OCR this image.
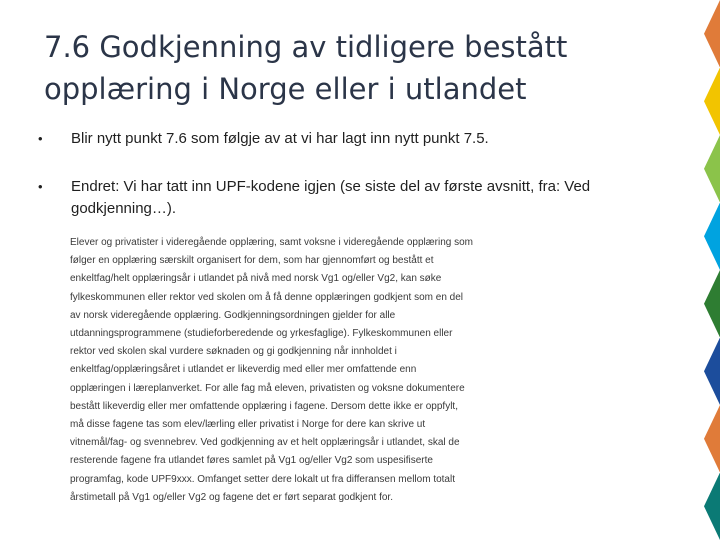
7.6 Godkjenning av tidligere bestått
opplæring i Norge eller i utlandet
• Blir nytt punkt 7.6 som følgje av at vi har lagt inn nytt punkt 7.5.
• Endret: Vi har tatt inn UPF-kodene igjen (se siste del av første avsnitt, fra: Ved godkjenning…).
Elever og privatister i videregående opplæring, samt voksne i videregående opplæring som
følger en opplæring særskilt organisert for dem, som har gjennomført og bestått et
enkeltfag/helt opplæringsår i utlandet på nivå med norsk Vg1 og/eller Vg2, kan søke
fylkeskommunen eller rektor ved skolen om å få denne opplæringen godkjent som en del
av norsk videregående opplæring. Godkjenningsordningen gjelder for alle
utdanningsprogrammene (studieforberedende og yrkesfaglige). Fylkeskommunen eller
rektor ved skolen skal vurdere søknaden og gi godkjenning når innholdet i
enkeltfag/opplæringsåret i utlandet er likeverdig med eller mer omfattende enn
opplæringen i læreplanverket. For alle fag må eleven, privatisten og voksne dokumentere
bestått likeverdig eller mer omfattende opplæring i fagene. Dersom dette ikke er oppfylt,
må disse fagene tas som elev/lærling eller privatist i Norge for dere kan skrive ut
vitnemål/fag- og svennebrev. Ved godkjenning av et helt opplæringsår i utlandet, skal de
resterende fagene fra utlandet føres samlet på Vg1 og/eller Vg2 som uspesifiserte
programfag, kode UPF9xxx. Omfanget setter dere lokalt ut fra differansen mellom totalt
årstimetall på Vg1 og/eller Vg2 og fagene det er ført separat godkjent for.
